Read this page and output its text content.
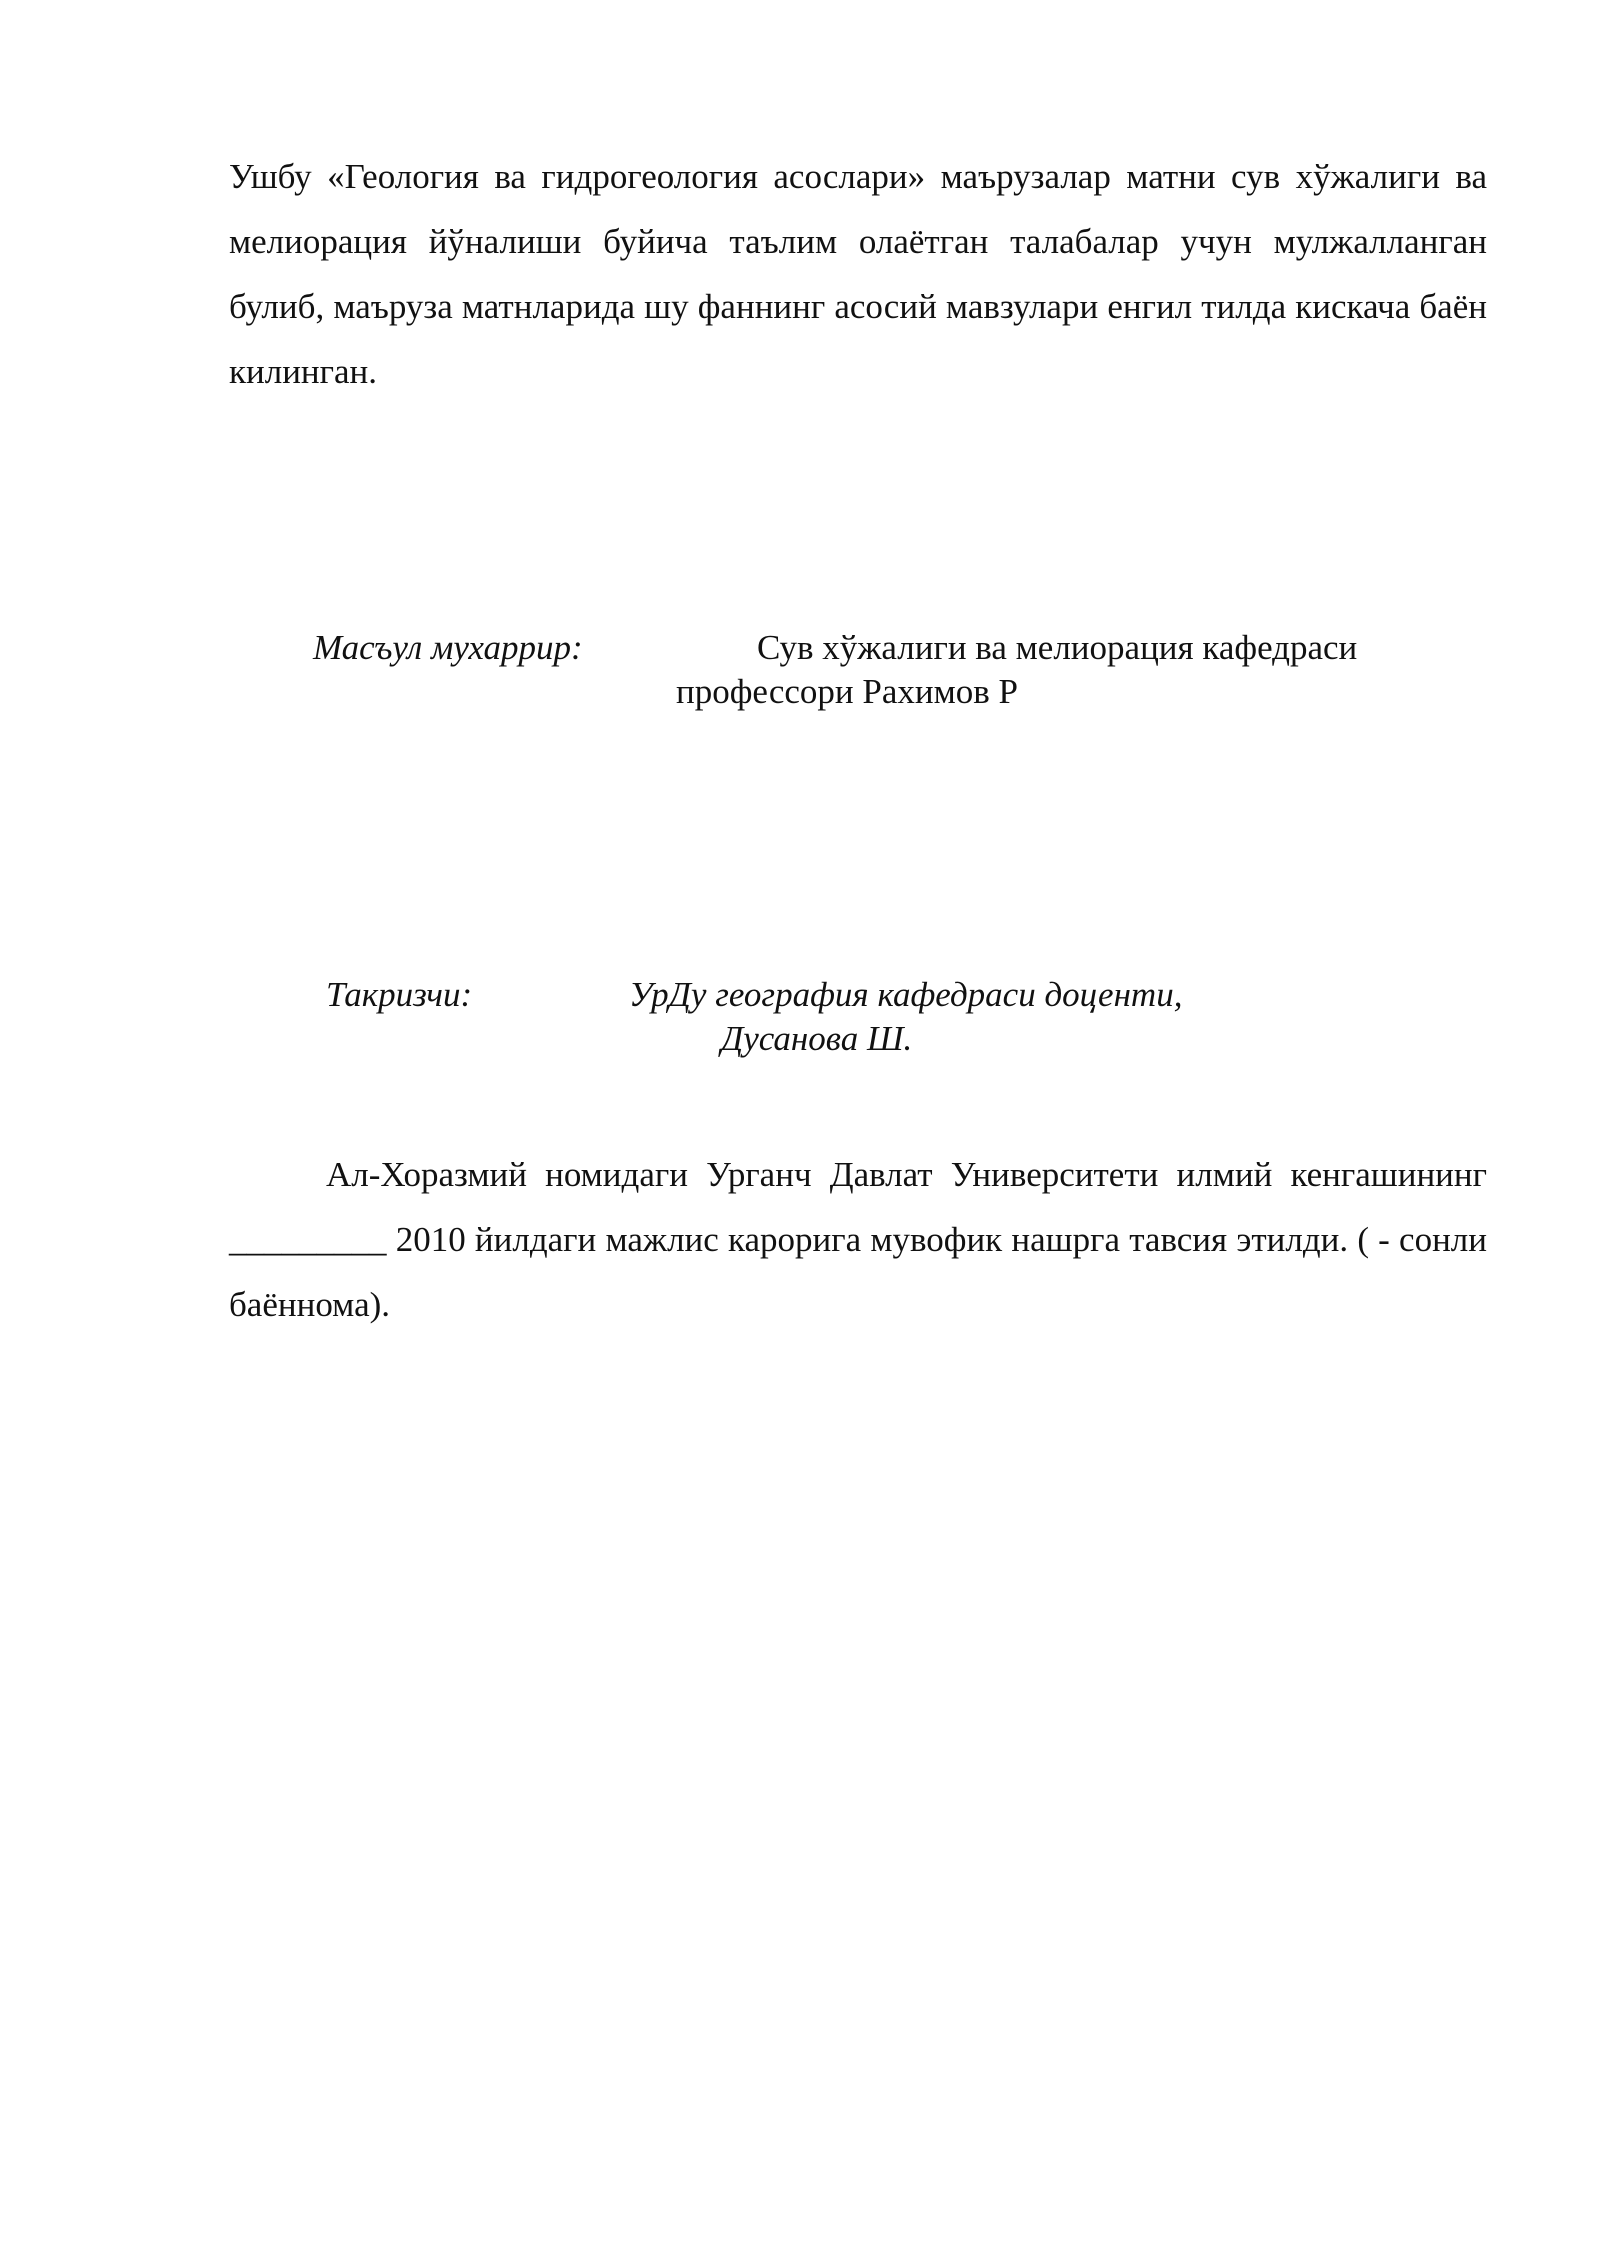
Ушбу «Геология ва гидрогеология асослари» маърузалар матни сув хўжалиги ва мелиорация йўналиши буйича таълим олаётган талабалар учун мулжалланган булиб, маъруза матнларида шу фаннинг асосий мавзулари енгил тилда кискача баён килинган.

Масъул мухаррир:	Сув хўжалиги ва мелиорация кафедраси
профессори Рахимов Р
Такризчи:	УрДу география кафедраси доценти,
Дусанова Ш.

Ал-Хоразмий номидаги Урганч Давлат Университети илмий кенгашининг _________ 2010 йилдаги мажлис карорига мувофик нашрга тавсия этилди. ( - сонли баённома).
